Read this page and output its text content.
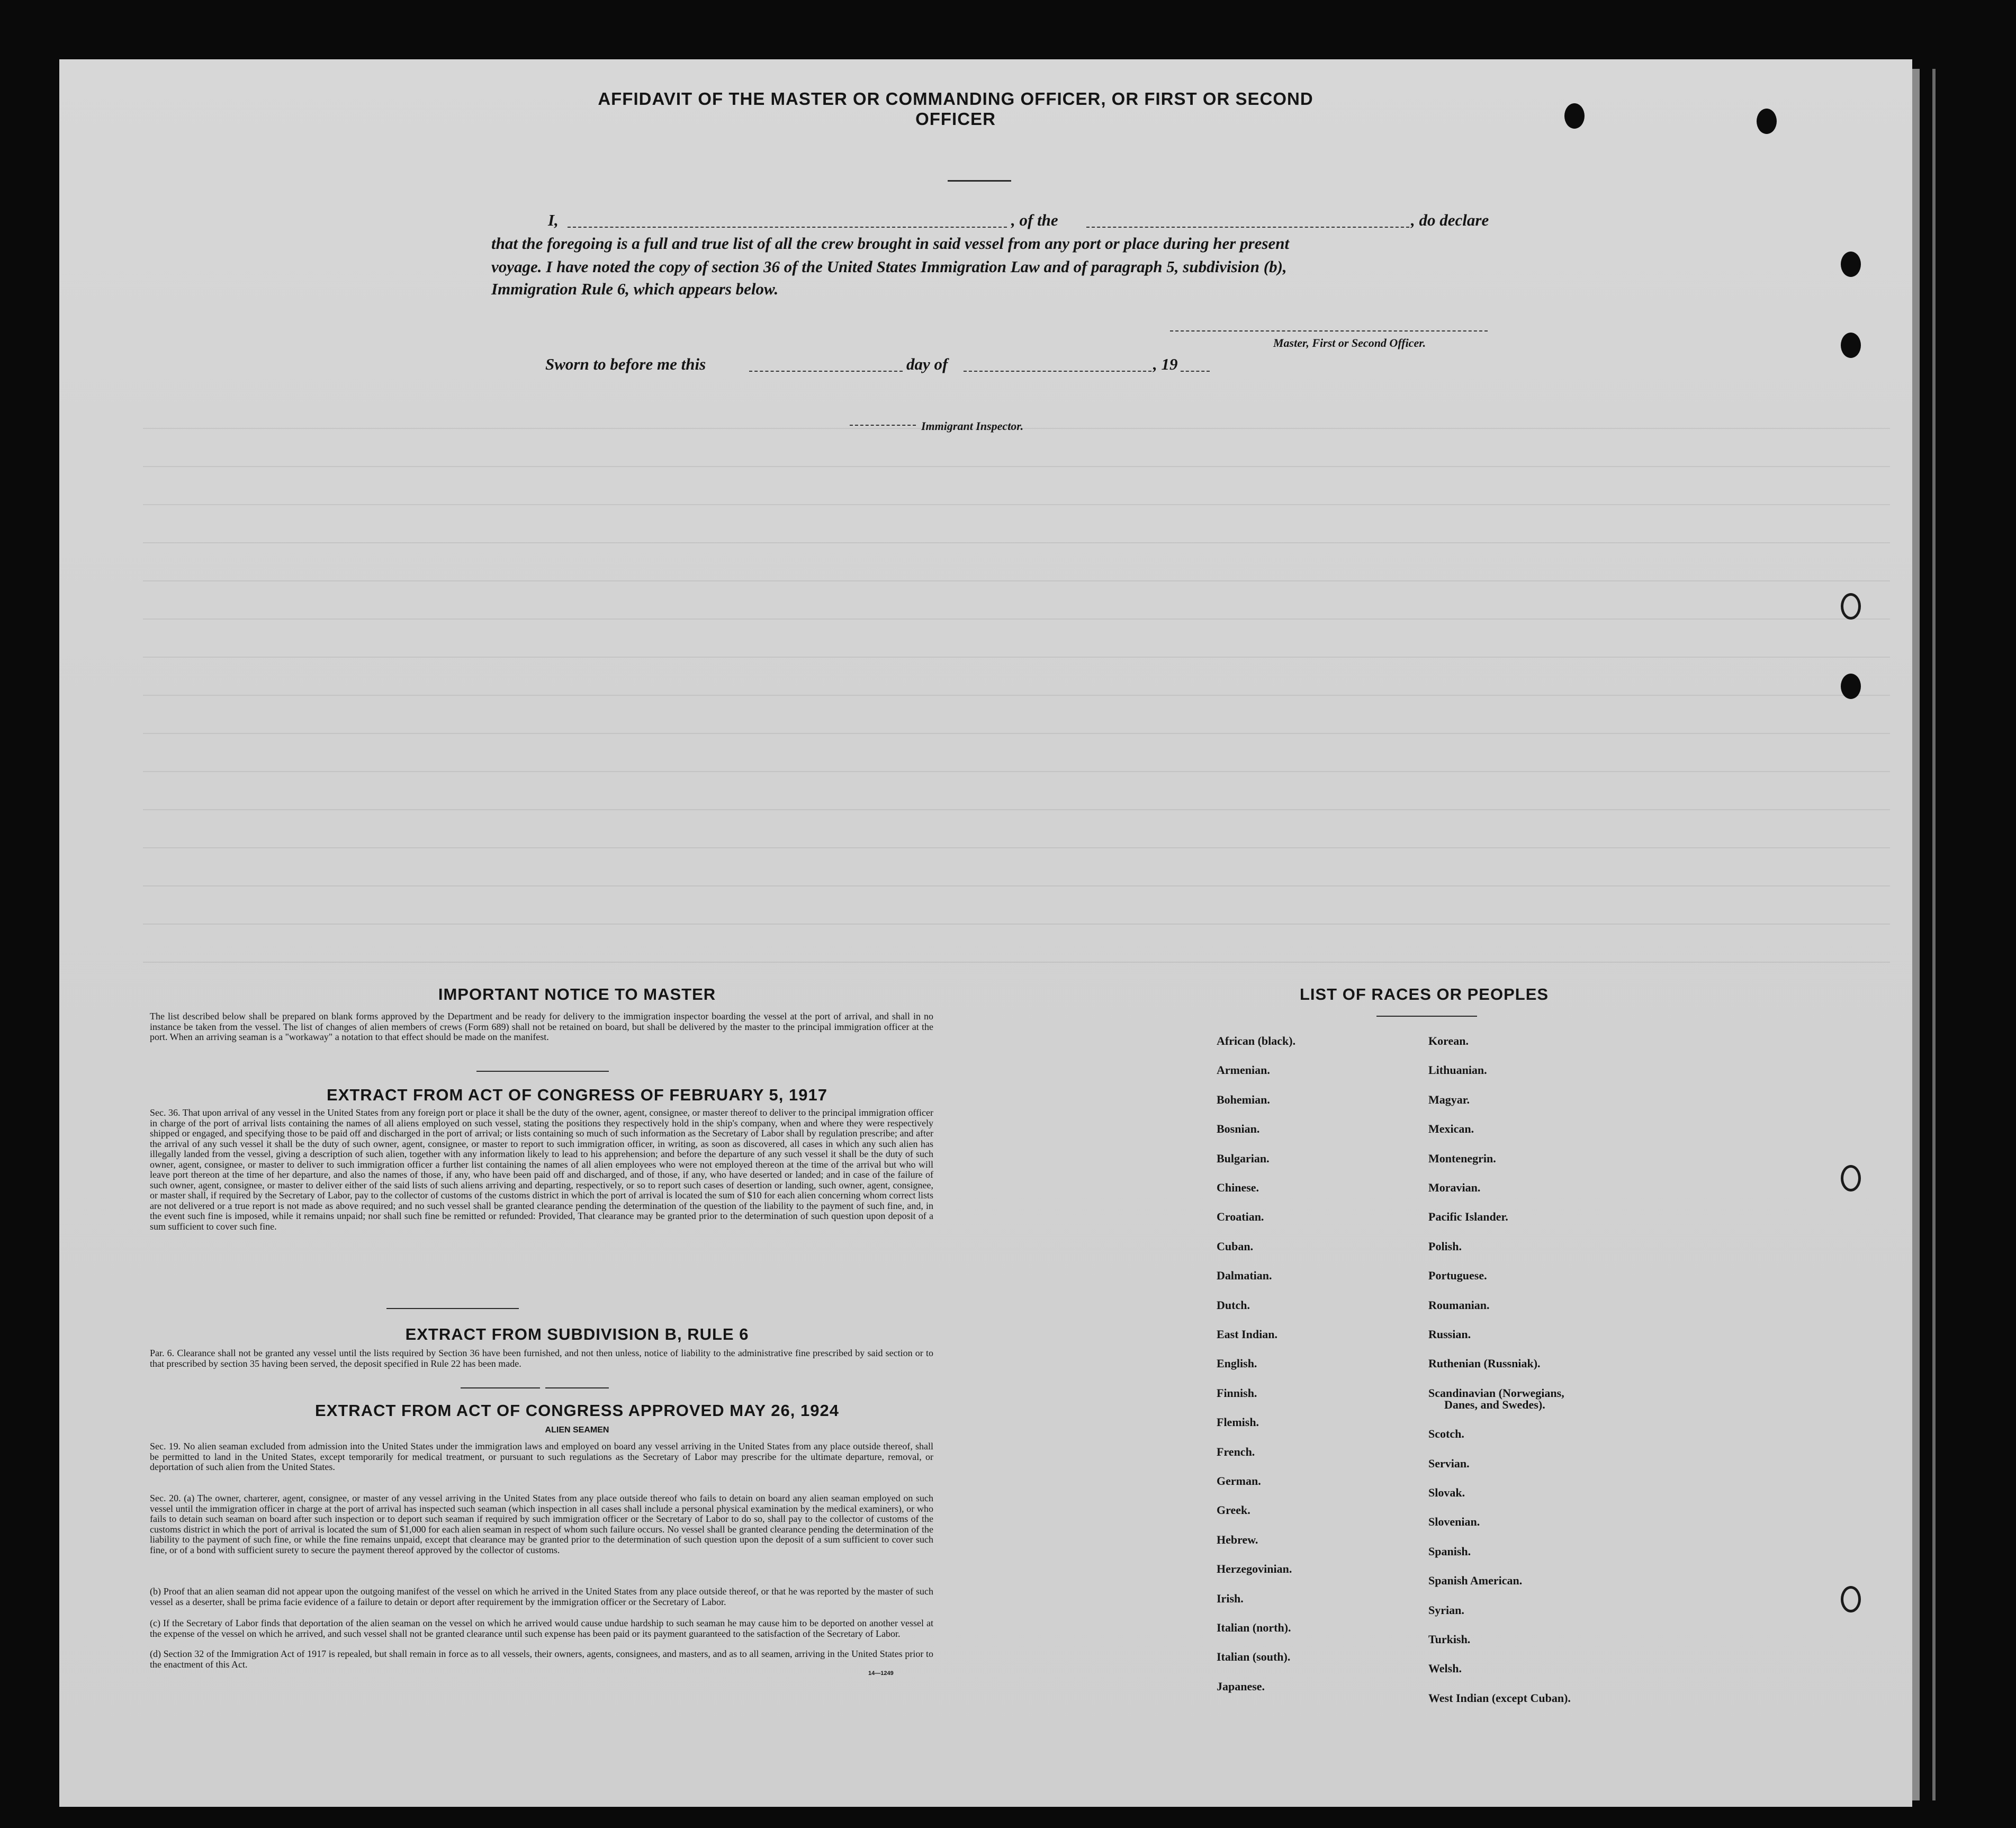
AFFIDAVIT OF THE MASTER OR COMMANDING OFFICER, OR FIRST OR SECOND OFFICER
I,	, of the	, do declare
that the foregoing is a full and true list of all the crew brought in said vessel from any port or place during her present
voyage. I have noted the copy of section 36 of the United States Immigration Law and of paragraph 5, subdivision (b),
Immigration Rule 6, which appears below.
Master, First or Second Officer.
Sworn to before me this	day of	, 19
Immigrant Inspector.
IMPORTANT NOTICE TO MASTER
The list described below shall be prepared on blank forms approved by the Department and be ready for delivery to the immigration inspector boarding the vessel at the port of arrival, and shall in no instance be taken from the vessel. The list of changes of alien members of crews (Form 689) shall not be retained on board, but shall be delivered by the master to the principal immigration officer at the port. When an arriving seaman is a "workaway" a notation to that effect should be made on the manifest.
EXTRACT FROM ACT OF CONGRESS OF FEBRUARY 5, 1917
Sec. 36. That upon arrival of any vessel in the United States from any foreign port or place it shall be the duty of the owner, agent, consignee, or master thereof to deliver to the principal immigration officer in charge of the port of arrival lists containing the names of all aliens employed on such vessel, stating the positions they respectively hold in the ship's company, when and where they were respectively shipped or engaged, and specifying those to be paid off and discharged in the port of arrival; or lists containing so much of such information as the Secretary of Labor shall by regulation prescribe; and after the arrival of any such vessel it shall be the duty of such owner, agent, consignee, or master to report to such immigration officer, in writing, as soon as discovered, all cases in which any such alien has illegally landed from the vessel, giving a description of such alien, together with any information likely to lead to his apprehension; and before the departure of any such vessel it shall be the duty of such owner, agent, consignee, or master to deliver to such immigration officer a further list containing the names of all alien employees who were not employed thereon at the time of the arrival but who will leave port thereon at the time of her departure, and also the names of those, if any, who have been paid off and discharged, and of those, if any, who have deserted or landed; and in case of the failure of such owner, agent, consignee, or master to deliver either of the said lists of such aliens arriving and departing, respectively, or so to report such cases of desertion or landing, such owner, agent, consignee, or master shall, if required by the Secretary of Labor, pay to the collector of customs of the customs district in which the port of arrival is located the sum of $10 for each alien concerning whom correct lists are not delivered or a true report is not made as above required; and no such vessel shall be granted clearance pending the determination of the question of the liability to the payment of such fine, and, in the event such fine is imposed, while it remains unpaid; nor shall such fine be remitted or refunded: Provided, That clearance may be granted prior to the determination of such question upon deposit of a sum sufficient to cover such fine.
EXTRACT FROM SUBDIVISION B, RULE 6
Par. 6. Clearance shall not be granted any vessel until the lists required by Section 36 have been furnished, and not then unless, notice of liability to the administrative fine prescribed by said section or to that prescribed by section 35 having been served, the deposit specified in Rule 22 has been made.
EXTRACT FROM ACT OF CONGRESS APPROVED MAY 26, 1924
ALIEN SEAMEN
Sec. 19. No alien seaman excluded from admission into the United States under the immigration laws and employed on board any vessel arriving in the United States from any place outside thereof, shall be permitted to land in the United States, except temporarily for medical treatment, or pursuant to such regulations as the Secretary of Labor may prescribe for the ultimate departure, removal, or deportation of such alien from the United States.
Sec. 20. (a) The owner, charterer, agent, consignee, or master of any vessel arriving in the United States from any place outside thereof who fails to detain on board any alien seaman employed on such vessel until the immigration officer in charge at the port of arrival has inspected such seaman (which inspection in all cases shall include a personal physical examination by the medical examiners), or who fails to detain such seaman on board after such inspection or to deport such seaman if required by such immigration officer or the Secretary of Labor to do so, shall pay to the collector of customs of the customs district in which the port of arrival is located the sum of $1,000 for each alien seaman in respect of whom such failure occurs. No vessel shall be granted clearance pending the determination of the liability to the payment of such fine, or while the fine remains unpaid, except that clearance may be granted prior to the determination of such question upon the deposit of a sum sufficient to cover such fine, or of a bond with sufficient surety to secure the payment thereof approved by the collector of customs.
(b) Proof that an alien seaman did not appear upon the outgoing manifest of the vessel on which he arrived in the United States from any place outside thereof, or that he was reported by the master of such vessel as a deserter, shall be prima facie evidence of a failure to detain or deport after requirement by the immigration officer or the Secretary of Labor.
(c) If the Secretary of Labor finds that deportation of the alien seaman on the vessel on which he arrived would cause undue hardship to such seaman he may cause him to be deported on another vessel at the expense of the vessel on which he arrived, and such vessel shall not be granted clearance until such expense has been paid or its payment guaranteed to the satisfaction of the Secretary of Labor.
(d) Section 32 of the Immigration Act of 1917 is repealed, but shall remain in force as to all vessels, their owners, agents, consignees, and masters, and as to all seamen, arriving in the United States prior to the enactment of this Act.
14—1249
LIST OF RACES OR PEOPLES
African (black).
Armenian.
Bohemian.
Bosnian.
Bulgarian.
Chinese.
Croatian.
Cuban.
Dalmatian.
Dutch.
East Indian.
English.
Finnish.
Flemish.
French.
German.
Greek.
Hebrew.
Herzegovinian.
Irish.
Italian (north).
Italian (south).
Japanese.
Korean.
Lithuanian.
Magyar.
Mexican.
Montenegrin.
Moravian.
Pacific Islander.
Polish.
Portuguese.
Roumanian.
Russian.
Ruthenian (Russniak).
Scandinavian (Norwegians,
Danes, and Swedes).
Scotch.
Servian.
Slovak.
Slovenian.
Spanish.
Spanish American.
Syrian.
Turkish.
Welsh.
West Indian (except Cuban).
